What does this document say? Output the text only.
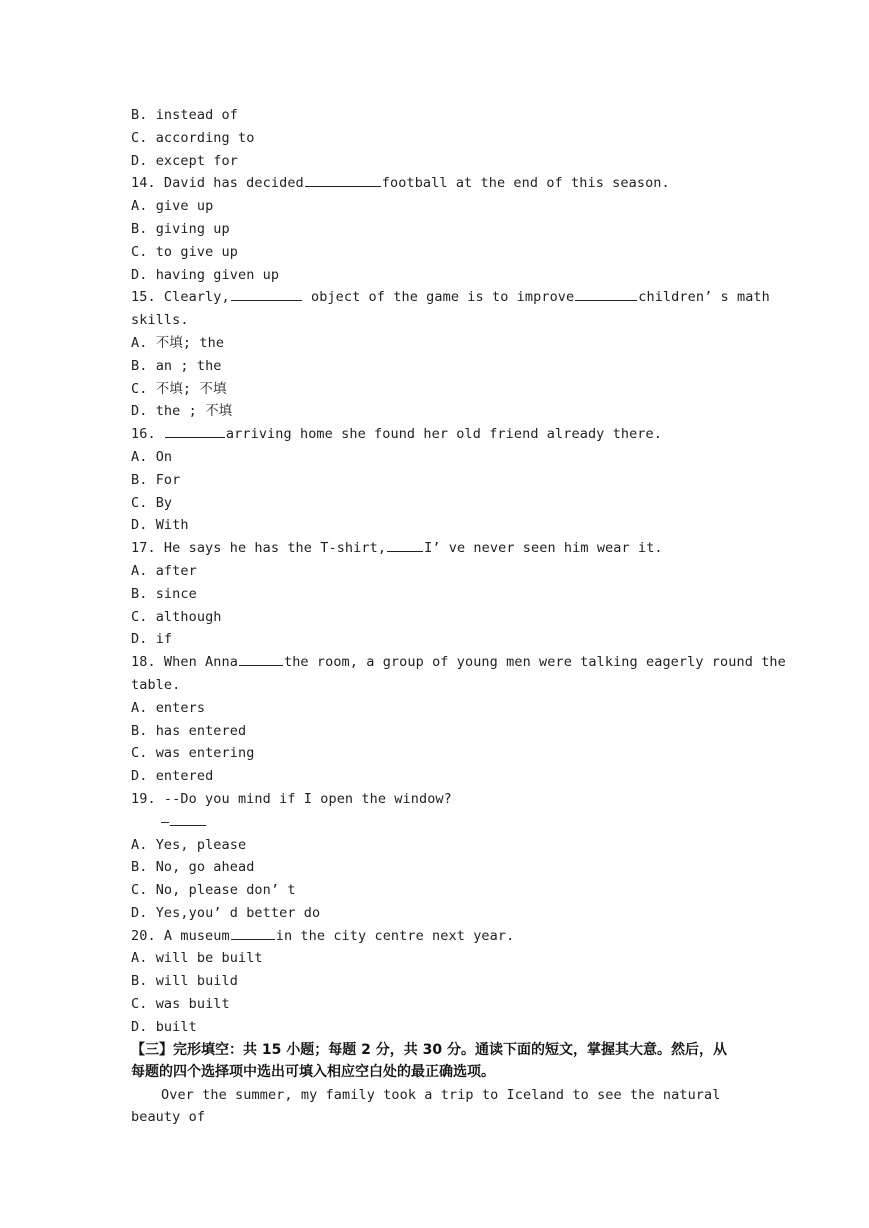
B. instead of
C. according to
D. except for
14. David has decided	football at the end of this season.
A. give up
B. giving up
C. to give up
D. having given up
15. Clearly,	object of the game is to improve	children’ s math
skills.
A. 不填; the
B. an ; the
C. 不填; 不填
D. the ; 不填
16.	arriving home she found her old friend already there.
A. On
B. For
C. By
D. With
17. He says he has the T-shirt,	I’ ve never seen him wear it.
A. after
B. since
C. although
D. if
18. When Anna	the room, a group of young men were talking eagerly round the
table.
A. enters
B. has entered
C. was entering
D. entered
19. --Do you mind if I open the window?
—
A. Yes, please
B. No, go ahead
C. No, please don’ t
D. Yes,you’ d better do
20. A museum	in the city centre next year.
A. will be built
B. will build
C. was built
D. built
【三】完形填空：共 15 小题；每题 2 分，共 30 分。通读下面的短文，掌握其大意。然后，从每题的四个选择项中选出可填入相应空白处的最正确选项。
Over the summer, my family took a trip to Iceland to see the natural beauty of
